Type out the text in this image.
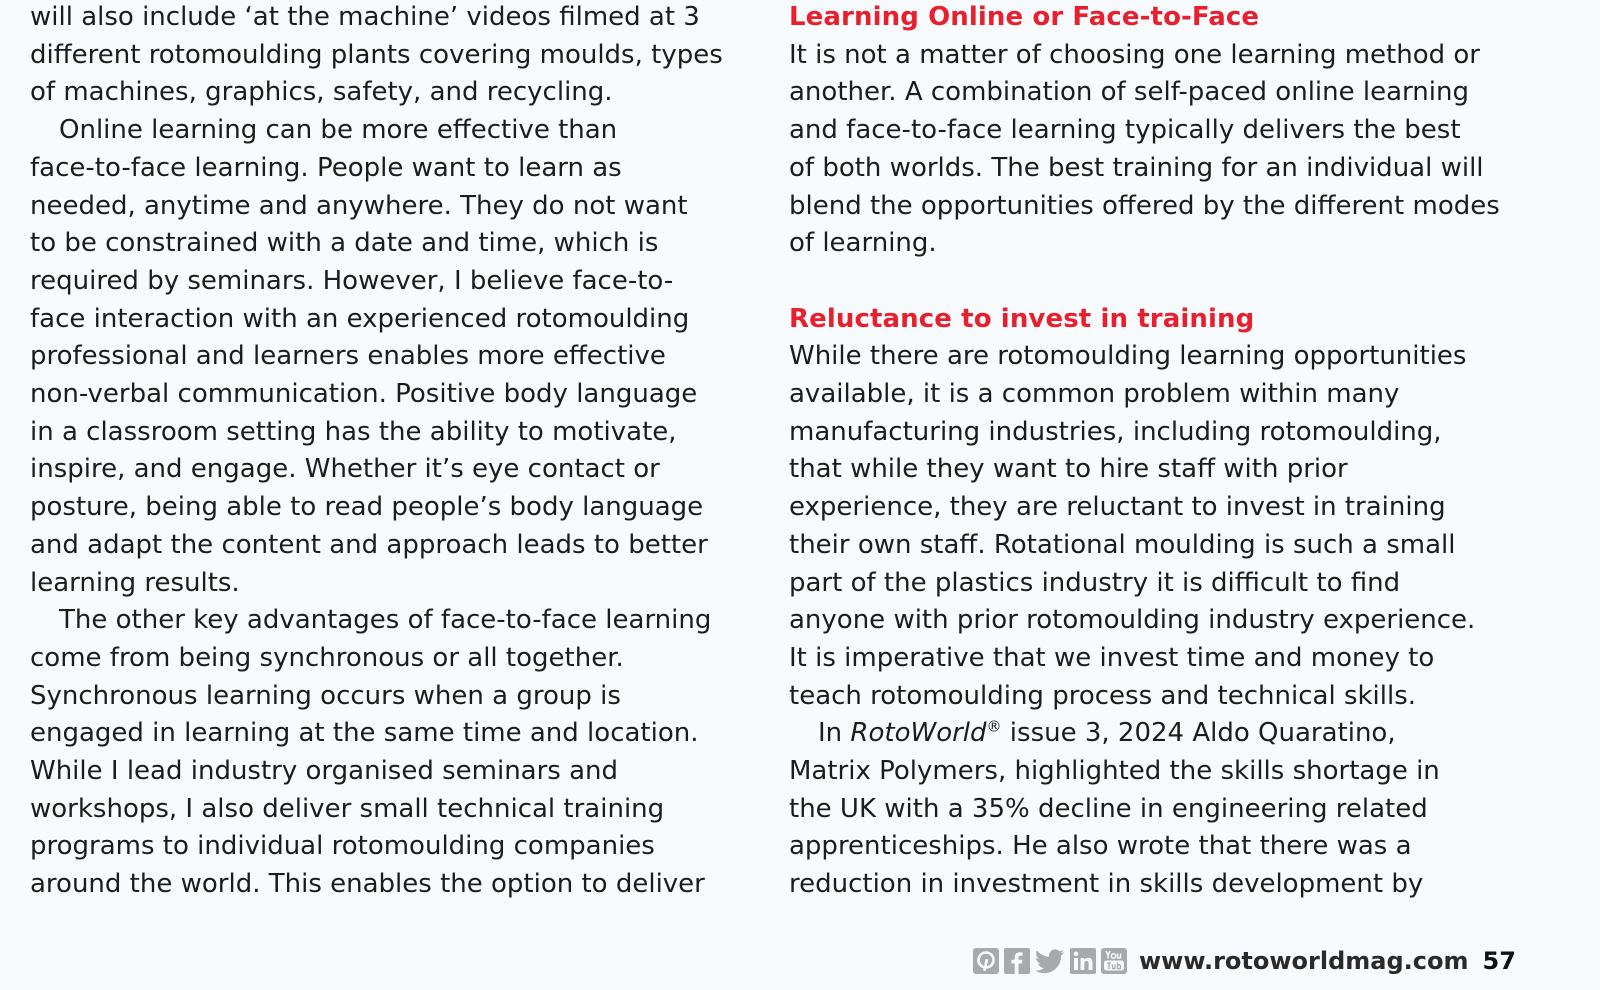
will also include ‘at the machine’ videos filmed at 3

different rotomoulding plants covering moulds, types

of machines, graphics, safety, and recycling.

Online learning can be more effective than

face-to-face learning. People want to learn as

needed, anytime and anywhere. They do not want

to be constrained with a date and time, which is

required by seminars. However, I believe face-to-

face interaction with an experienced rotomoulding

professional and learners enables more effective

non-verbal communication. Positive body language

in a classroom setting has the ability to motivate,

inspire, and engage. Whether it’s eye contact or

posture, being able to read people’s body language

and adapt the content and approach leads to better

learning results.

The other key advantages of face-to-face learning

come from being synchronous or all together.

Synchronous learning occurs when a group is

engaged in learning at the same time and location.

While I lead industry organised seminars and

workshops, I also deliver small technical training

programs to individual rotomoulding companies

around the world. This enables the option to deliver

Learning Online or Face-to-Face

It is not a matter of choosing one learning method or

another. A combination of self-paced online learning

and face-to-face learning typically delivers the best

of both worlds. The best training for an individual will

blend the opportunities offered by the different modes

of learning.

Reluctance to invest in training

While there are rotomoulding learning opportunities

available, it is a common problem within many

manufacturing industries, including rotomoulding,

that while they want to hire staff with prior

experience, they are reluctant to invest in training

their own staff. Rotational moulding is such a small

part of the plastics industry it is difficult to find

anyone with prior rotomoulding industry experience.

It is imperative that we invest time and money to

teach rotomoulding process and technical skills.

In RotoWorld® issue 3, 2024 Aldo Quaratino,

Matrix Polymers, highlighted the skills shortage in

the UK with a 35% decline in engineering related

apprenticeships. He also wrote that there was a

reduction in investment in skills development by

www.rotoworldmag.com 57
